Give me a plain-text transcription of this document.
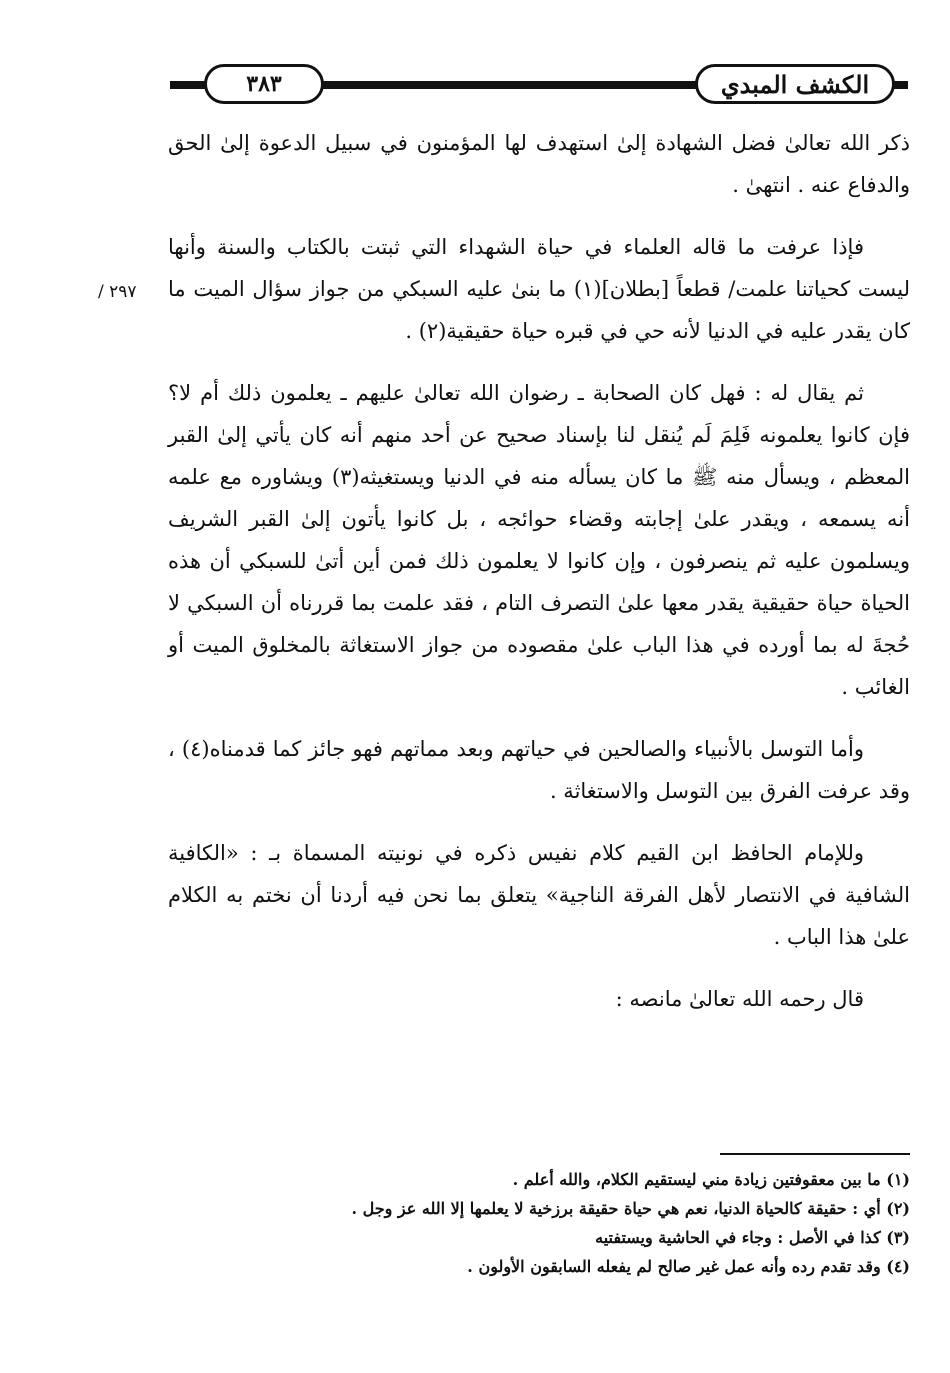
٣٨٣	الكشف المبدي
٢٩٧ /

ذكر الله تعالىٰ فضل الشهادة إلىٰ استهدف لها المؤمنون في سبيل الدعوة إلىٰ الحق والدفاع عنه . انتهىٰ .

فإذا عرفت ما قاله العلماء في حياة الشهداء التي ثبتت بالكتاب والسنة وأنها ليست كحياتنا علمت/ قطعاً [بطلان](١) ما بنىٰ عليه السبكي من جواز سؤال الميت ما كان يقدر عليه في الدنيا لأنه حي في قبره حياة حقيقية(٢) .

ثم يقال له : فهل كان الصحابة ـ رضوان الله تعالىٰ عليهم ـ يعلمون ذلك أم لا؟ فإن كانوا يعلمونه فَلِمَ لَم يُنقل لنا بإسناد صحيح عن أحد منهم أنه كان يأتي إلىٰ القبر المعظم ، ويسأل منه ﷺ ما كان يسأله منه في الدنيا ويستغيثه(٣) ويشاوره مع علمه أنه يسمعه ، ويقدر علىٰ إجابته وقضاء حوائجه ، بل كانوا يأتون إلىٰ القبر الشريف ويسلمون عليه ثم ينصرفون ، وإن كانوا لا يعلمون ذلك فمن أين أتىٰ للسبكي أن هذه الحياة حياة حقيقية يقدر معها علىٰ التصرف التام ، فقد علمت بما قررناه أن السبكي لا حُجةَ له بما أورده في هذا الباب علىٰ مقصوده من جواز الاستغاثة بالمخلوق الميت أو الغائب .

وأما التوسل بالأنبياء والصالحين في حياتهم وبعد مماتهم فهو جائز كما قدمناه(٤) ، وقد عرفت الفرق بين التوسل والاستغاثة .

وللإمام الحافظ ابن القيم كلام نفيس ذكره في نونيته المسماة بـ : «الكافية الشافية في الانتصار لأهل الفرقة الناجية» يتعلق بما نحن فيه أردنا أن نختم به الكلام علىٰ هذا الباب .

قال رحمه الله تعالىٰ مانصه :

(١) ما بين معقوفتين زيادة مني ليستقيم الكلام، والله أعلم .
(٢) أي : حقيقة كالحياة الدنيا، نعم هي حياة حقيقة برزخية لا يعلمها إلا الله عز وجل .
(٣) كذا في الأصل : وجاء في الحاشية ويستفتيه
(٤) وقد تقدم رده وأنه عمل غير صالح لم يفعله السابقون الأولون .
